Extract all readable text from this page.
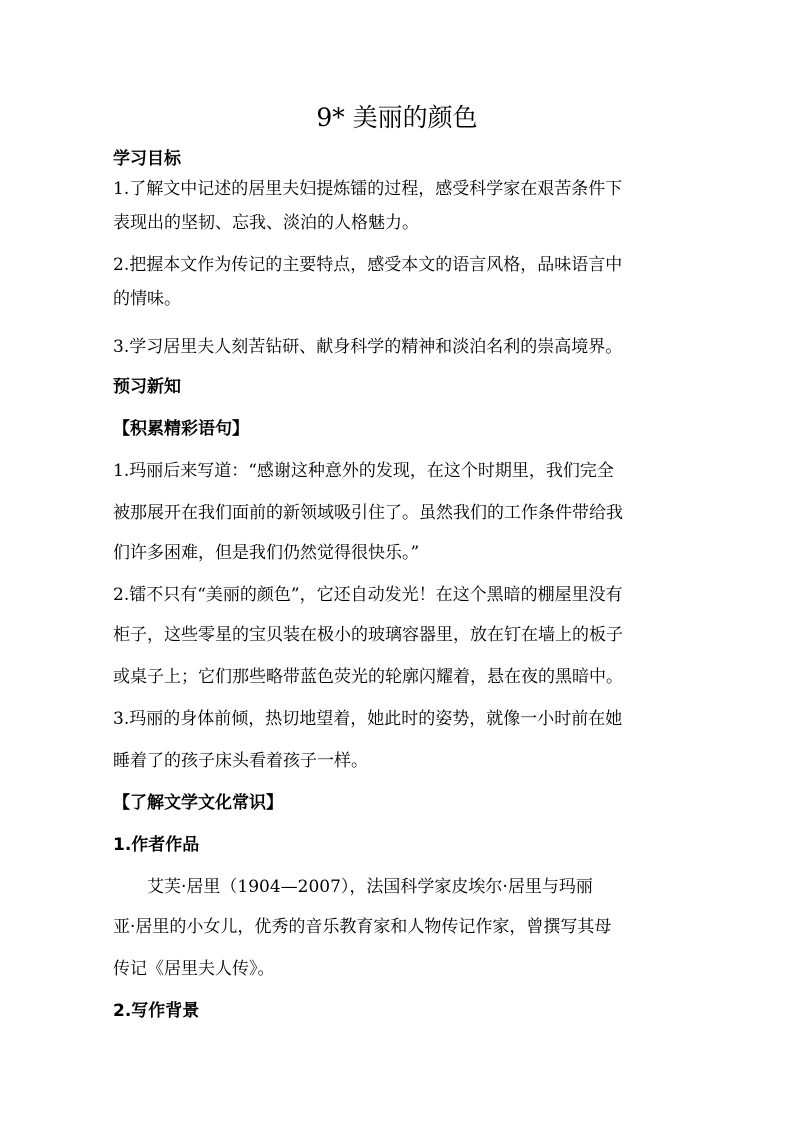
9* 美丽的颜色
学习目标
1.了解文中记述的居里夫妇提炼镭的过程，感受科学家在艰苦条件下
表现出的坚韧、忘我、淡泊的人格魅力。
2.把握本文作为传记的主要特点，感受本文的语言风格，品味语言中
的情味。
3.学习居里夫人刻苦钻研、献身科学的精神和淡泊名利的崇高境界。
预习新知
【积累精彩语句】
1.玛丽后来写道：“感谢这种意外的发现，在这个时期里，我们完全
被那展开在我们面前的新领域吸引住了。虽然我们的工作条件带给我
们许多困难，但是我们仍然觉得很快乐。”
2.镭不只有“美丽的颜色”，它还自动发光！在这个黑暗的棚屋里没有
柜子，这些零星的宝贝装在极小的玻璃容器里，放在钉在墙上的板子
或桌子上；它们那些略带蓝色荧光的轮廓闪耀着，悬在夜的黑暗中。
3.玛丽的身体前倾，热切地望着，她此时的姿势，就像一小时前在她
睡着了的孩子床头看着孩子一样。
【了解文学文化常识】
1.作者作品
艾芙·居里（1904—2007），法国科学家皮埃尔·居里与玛丽
亚·居里的小女儿，优秀的音乐教育家和人物传记作家，曾撰写其母
传记《居里夫人传》。
2.写作背景
